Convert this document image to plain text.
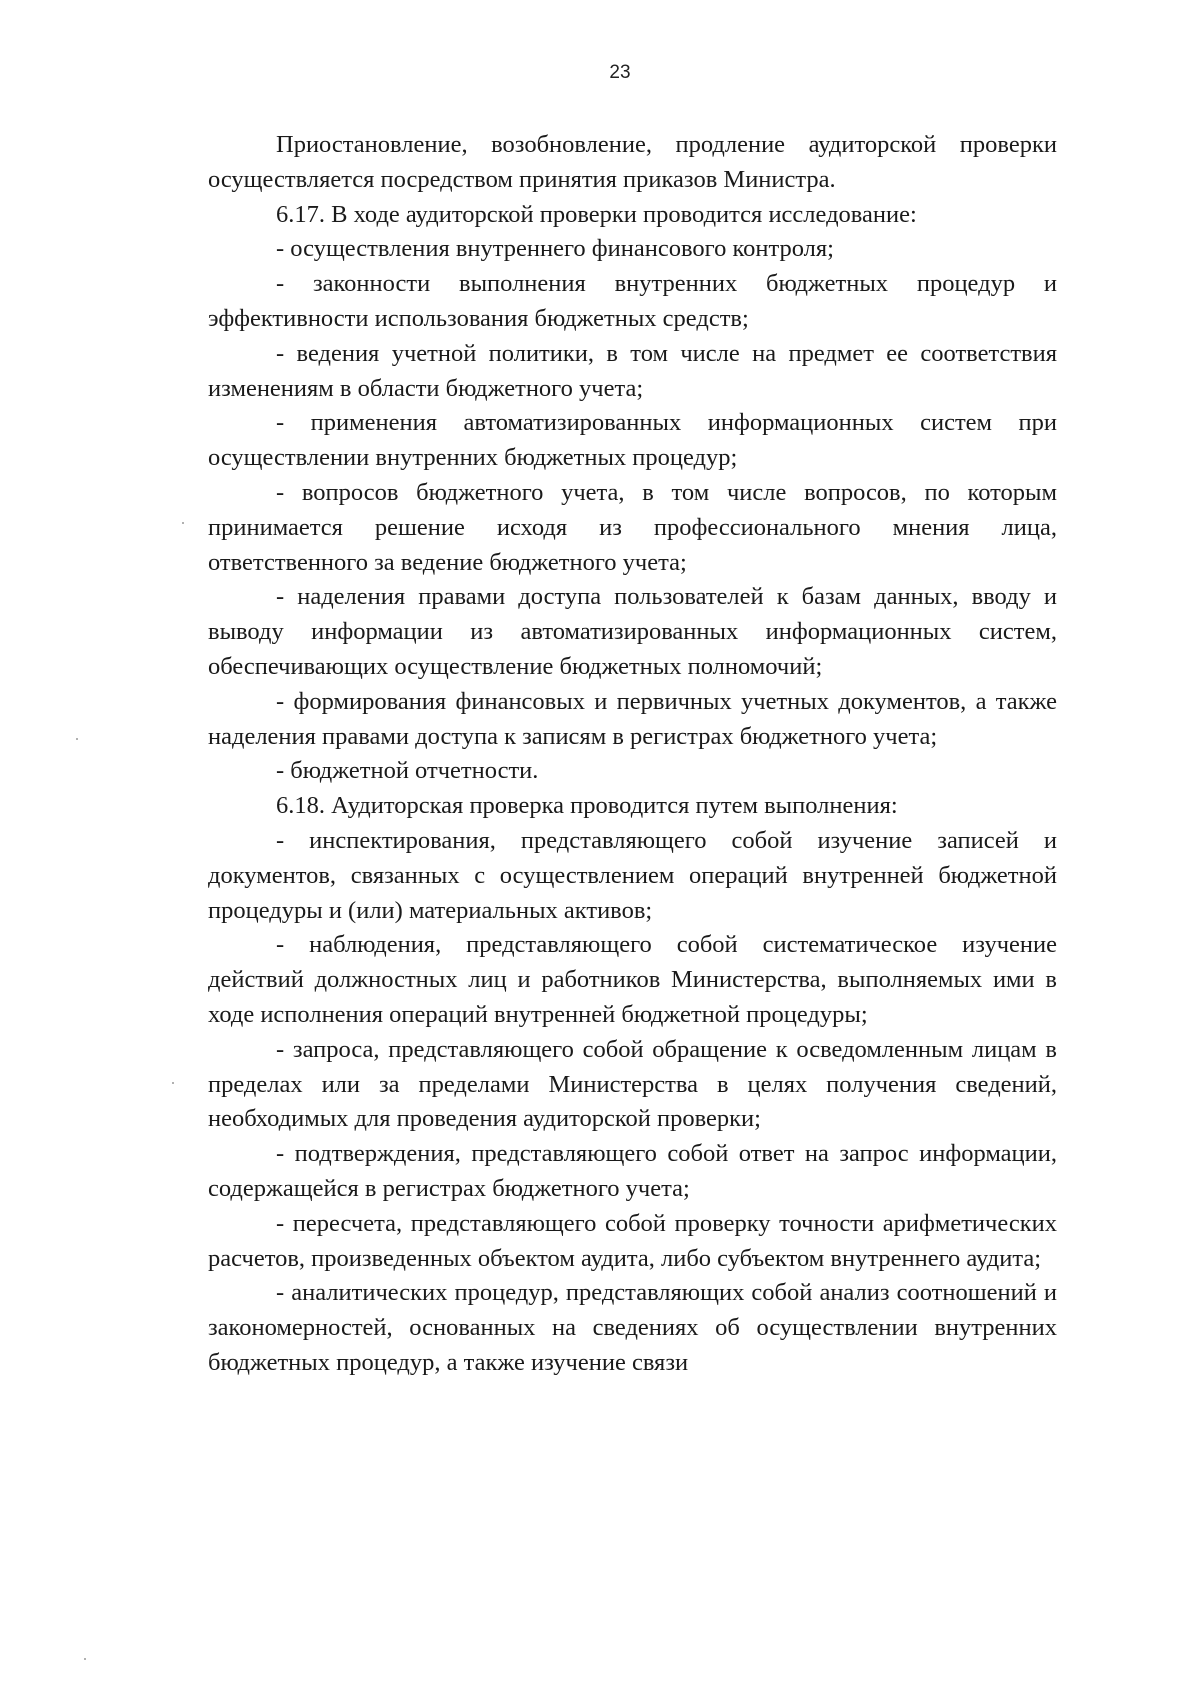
23

Приостановление, возобновление, продление аудиторской проверки осуществляется посредством принятия приказов Министра.

6.17. В ходе аудиторской проверки проводится исследование:

- осуществления внутреннего финансового контроля;

- законности выполнения внутренних бюджетных процедур и эффективности использования бюджетных средств;

- ведения учетной политики, в том числе на предмет ее соответствия изменениям в области бюджетного учета;

- применения автоматизированных информационных систем при осуществлении внутренних бюджетных процедур;

- вопросов бюджетного учета, в том числе вопросов, по которым принимается решение исходя из профессионального мнения лица, ответственного за ведение бюджетного учета;

- наделения правами доступа пользователей к базам данных, вводу и выводу информации из автоматизированных информационных систем, обеспечивающих осуществление бюджетных полномочий;

- формирования финансовых и первичных учетных документов, а также наделения правами доступа к записям в регистрах бюджетного учета;

- бюджетной отчетности.

6.18. Аудиторская проверка проводится путем выполнения:

- инспектирования, представляющего собой изучение записей и документов, связанных с осуществлением операций внутренней бюджетной процедуры и (или) материальных активов;

- наблюдения, представляющего собой систематическое изучение действий должностных лиц и работников Министерства, выполняемых ими в ходе исполнения операций внутренней бюджетной процедуры;

- запроса, представляющего собой обращение к осведомленным лицам в пределах или за пределами Министерства в целях получения сведений, необходимых для проведения аудиторской проверки;

- подтверждения, представляющего собой ответ на запрос информации, содержащейся в регистрах бюджетного учета;

- пересчета, представляющего собой проверку точности арифметических расчетов, произведенных объектом аудита, либо субъектом внутреннего аудита;

- аналитических процедур, представляющих собой анализ соотношений и закономерностей, основанных на сведениях об осуществлении внутренних бюджетных процедур, а также изучение связи
